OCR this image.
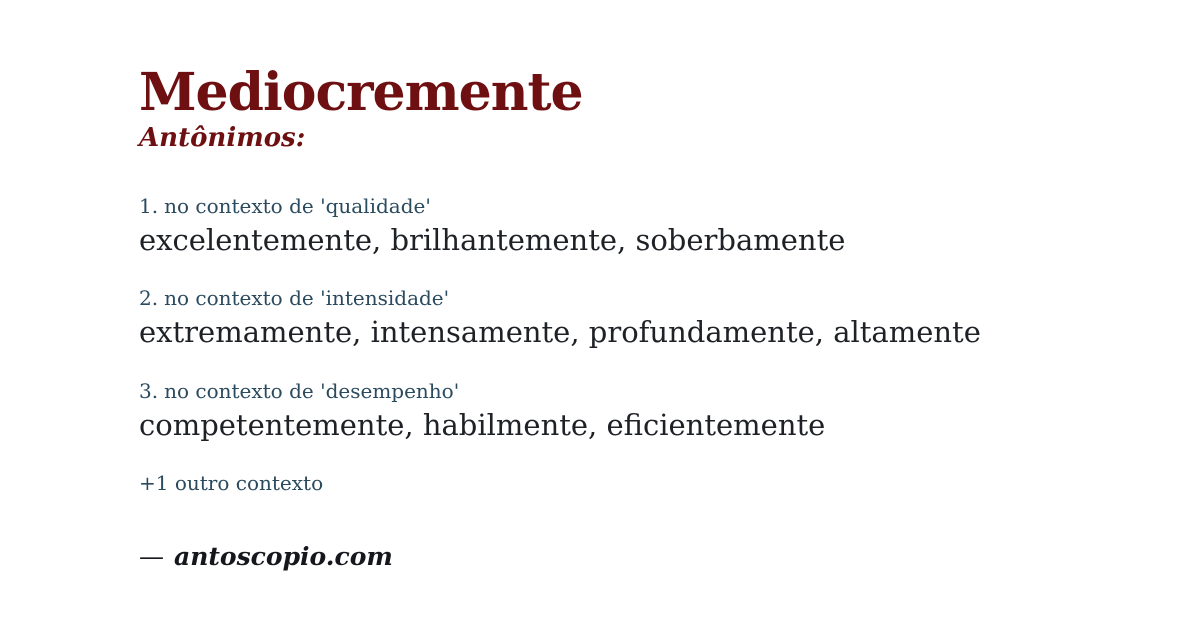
Mediocremente
Antônimos:
1. no contexto de 'qualidade'
excelentemente, brilhantemente, soberbamente
2. no contexto de 'intensidade'
extremamente, intensamente, profundamente, altamente
3. no contexto de 'desempenho'
competentemente, habilmente, eficientemente
+1 outro contexto
— antoscopio.com
